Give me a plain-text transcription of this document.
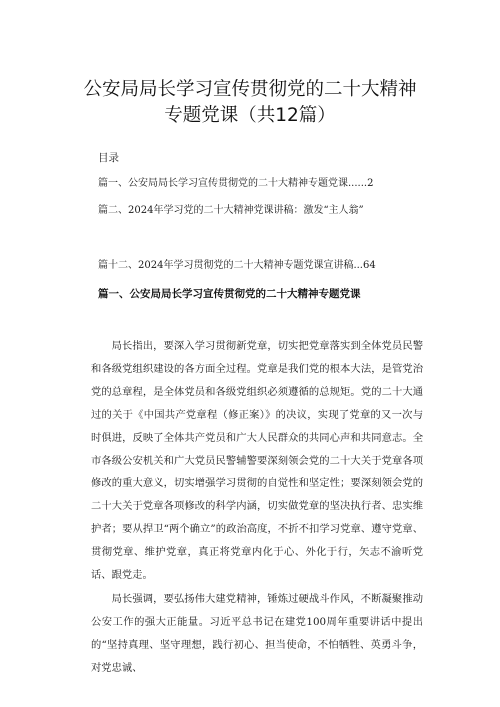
公安局局长学习宣传贯彻党的二十大精神
专题党课（共12篇）
目录
篇一、公安局局长学习宣传贯彻党的二十大精神专题党课......2
篇二、2024年学习党的二十大精神党课讲稿：激发“主人翁”
篇十二、2024年学习贯彻党的二十大精神专题党课宣讲稿...64
篇一、公安局局长学习宣传贯彻党的二十大精神专题党课
局长指出，要深入学习贯彻新党章，切实把党章落实到全体党员民警和各级党组织建设的各方面全过程。党章是我们党的根本大法，是管党治党的总章程，是全体党员和各级党组织必须遵循的总规矩。党的二十大通过的关于《中国共产党章程（修正案）》的决议，实现了党章的又一次与时俱进，反映了全体共产党员和广大人民群众的共同心声和共同意志。全市各级公安机关和广大党员民警辅警要深刻领会党的二十大关于党章各项修改的重大意义，切实增强学习贯彻的自觉性和坚定性；要深刻领会党的二十大关于党章各项修改的科学内涵，切实做党章的坚决执行者、忠实维护者；要从捍卫“两个确立”的政治高度，不折不扣学习党章、遵守党章、贯彻党章、维护党章，真正将党章内化于心、外化于行，矢志不渝听党话、跟党走。
局长强调，要弘扬伟大建党精神，锤炼过硬战斗作风，不断凝聚推动公安工作的强大正能量。习近平总书记在建党100周年重要讲话中提出的“坚持真理、坚守理想，践行初心、担当使命，不怕牺牲、英勇斗争，对党忠诚、
